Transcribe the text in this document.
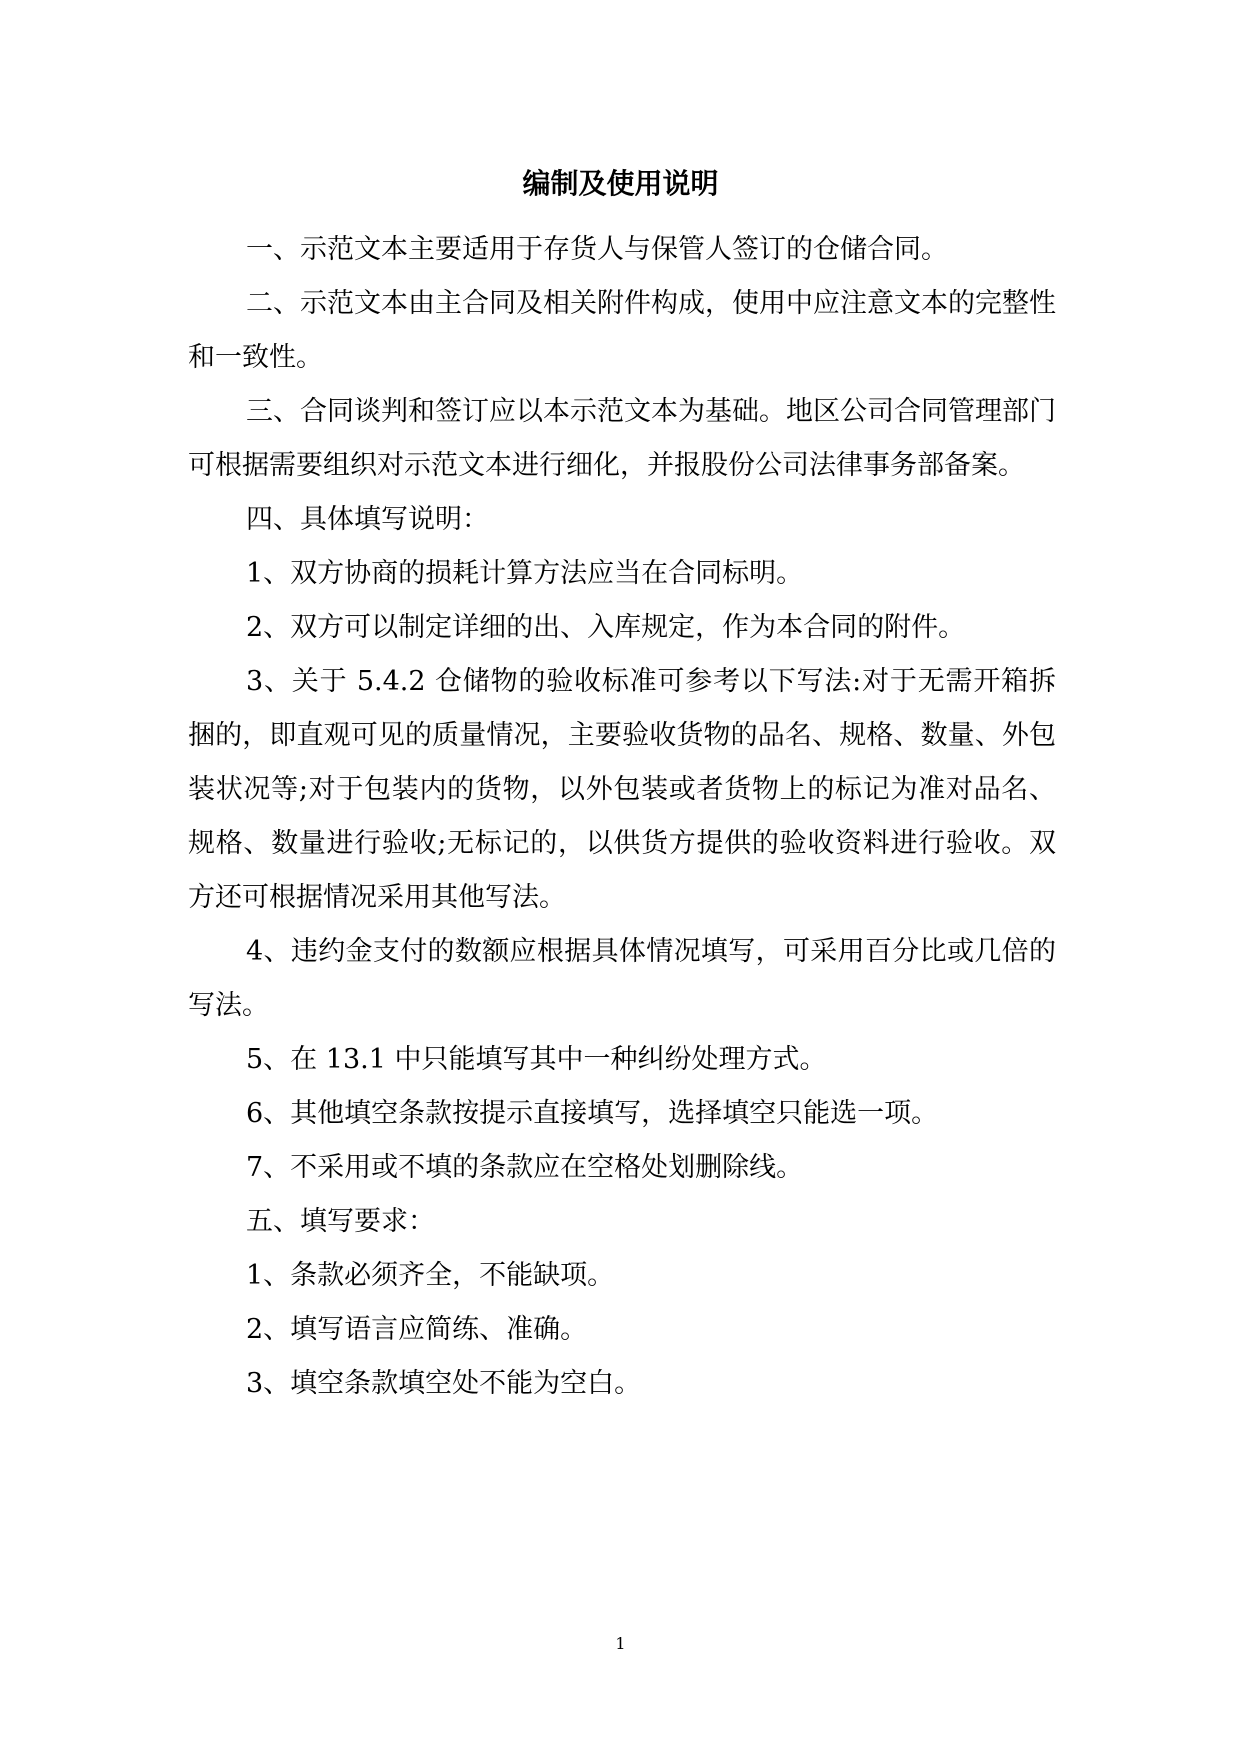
编制及使用说明

一、示范文本主要适用于存货人与保管人签订的仓储合同。

二、示范文本由主合同及相关附件构成，使用中应注意文本的完整性和一致性。

三、合同谈判和签订应以本示范文本为基础。地区公司合同管理部门可根据需要组织对示范文本进行细化，并报股份公司法律事务部备案。

四、具体填写说明：

1、双方协商的损耗计算方法应当在合同标明。

2、双方可以制定详细的出、入库规定，作为本合同的附件。

3、关于 5.4.2 仓储物的验收标准可参考以下写法:对于无需开箱拆捆的，即直观可见的质量情况，主要验收货物的品名、规格、数量、外包装状况等;对于包装内的货物，以外包装或者货物上的标记为准对品名、规格、数量进行验收;无标记的，以供货方提供的验收资料进行验收。双方还可根据情况采用其他写法。

4、违约金支付的数额应根据具体情况填写，可采用百分比或几倍的写法。

5、在 13.1 中只能填写其中一种纠纷处理方式。

6、其他填空条款按提示直接填写，选择填空只能选一项。

7、不采用或不填的条款应在空格处划删除线。

五、填写要求：

1、条款必须齐全，不能缺项。

2、填写语言应简练、准确。

3、填空条款填空处不能为空白。

1
